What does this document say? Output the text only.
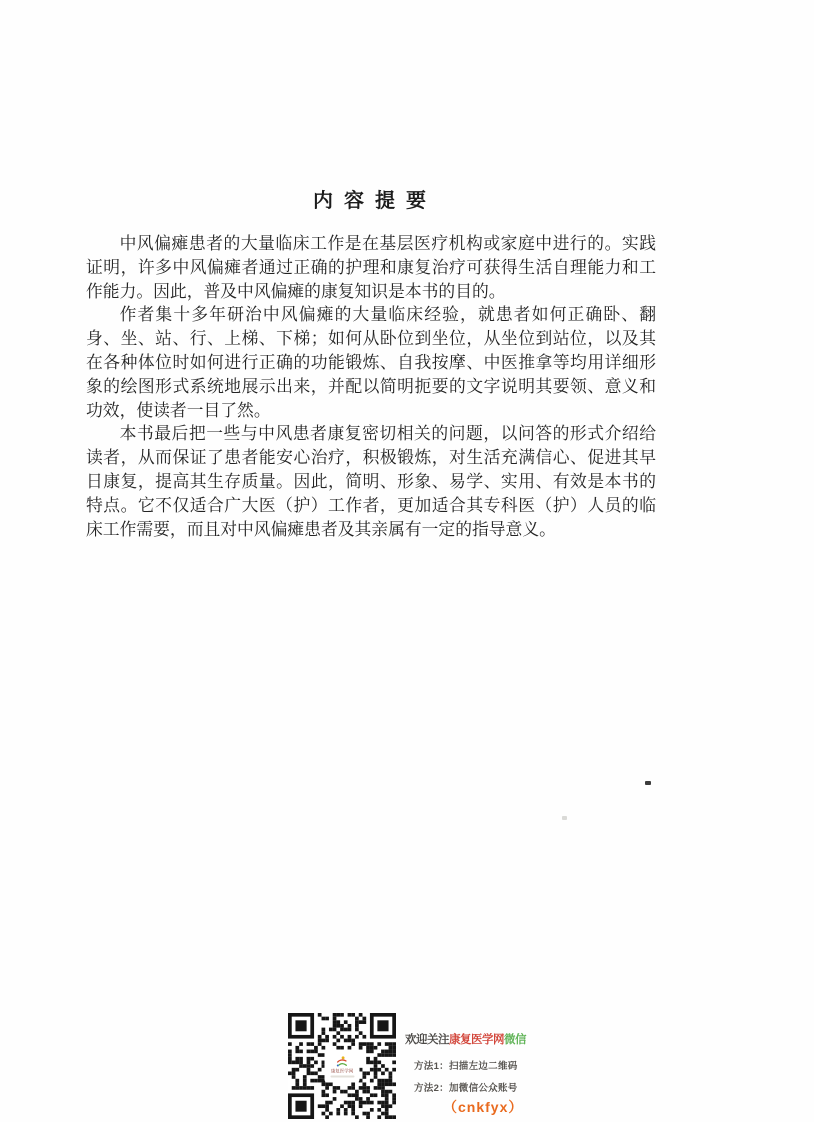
内 容 提 要

中风偏瘫患者的大量临床工作是在基层医疗机构或家庭中进行的。实践证明，许多中风偏瘫者通过正确的护理和康复治疗可获得生活自理能力和工作能力。因此，普及中风偏瘫的康复知识是本书的目的。

作者集十多年研治中风偏瘫的大量临床经验，就患者如何正确卧、翻身、坐、站、行、上梯、下梯；如何从卧位到坐位，从坐位到站位，以及其在各种体位时如何进行正确的功能锻炼、自我按摩、中医推拿等均用详细形象的绘图形式系统地展示出来，并配以简明扼要的文字说明其要领、意义和功效，使读者一目了然。

本书最后把一些与中风患者康复密切相关的问题，以问答的形式介绍给读者，从而保证了患者能安心治疗，积极锻炼，对生活充满信心、促进其早日康复，提高其生存质量。因此，简明、形象、易学、实用、有效是本书的特点。它不仅适合广大医（护）工作者，更加适合其专科医（护）人员的临床工作需要，而且对中风偏瘫患者及其亲属有一定的指导意义。

康复医学网
欢迎关注康复医学网微信
方法1：扫描左边二维码
方法2：加微信公众账号
（cnkfyx）
